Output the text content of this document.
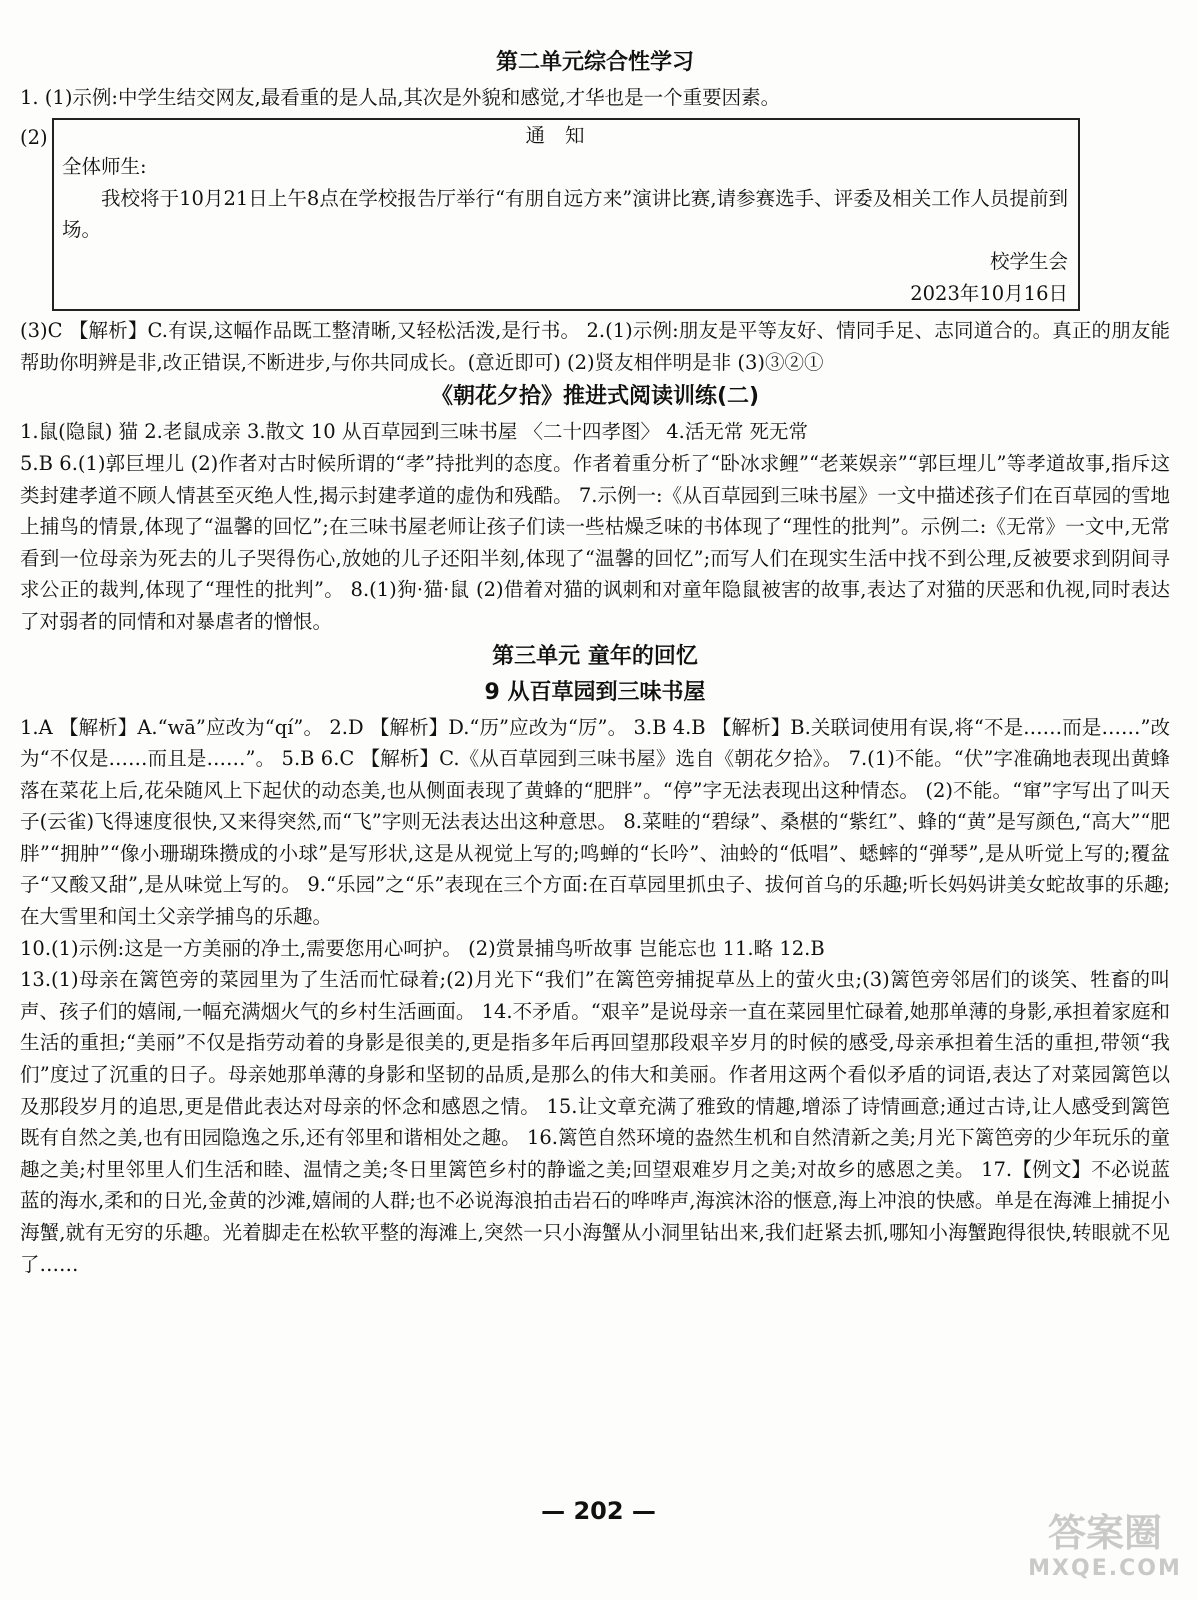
第二单元综合性学习

1. (1)示例:中学生结交网友,最看重的是人品,其次是外貌和感觉,才华也是一个重要因素。

(2)	通知
全体师生:

我校将于10月21日上午8点在学校报告厅举行“有朋自远方来”演讲比赛,请参赛选手、评委及相关工作人员提前到场。

校学生会
2023年10月16日

(3)C 【解析】C.有误,这幅作品既工整清晰,又轻松活泼,是行书。 2.(1)示例:朋友是平等友好、情同手足、志同道合的。真正的朋友能帮助你明辨是非,改正错误,不断进步,与你共同成长。(意近即可) (2)贤友相伴明是非 (3)③②①

《朝花夕拾》推进式阅读训练(二)

1.鼠(隐鼠) 猫 2.老鼠成亲 3.散文 10 从百草园到三味书屋 〈二十四孝图〉 4.活无常 死无常

5.B 6.(1)郭巨埋儿 (2)作者对古时候所谓的“孝”持批判的态度。作者着重分析了“卧冰求鲤”“老莱娱亲”“郭巨埋儿”等孝道故事,指斥这类封建孝道不顾人情甚至灭绝人性,揭示封建孝道的虚伪和残酷。 7.示例一:《从百草园到三味书屋》一文中描述孩子们在百草园的雪地上捕鸟的情景,体现了“温馨的回忆”;在三味书屋老师让孩子们读一些枯燥乏味的书体现了“理性的批判”。示例二:《无常》一文中,无常看到一位母亲为死去的儿子哭得伤心,放她的儿子还阳半刻,体现了“温馨的回忆”;而写人们在现实生活中找不到公理,反被要求到阴间寻求公正的裁判,体现了“理性的批判”。 8.(1)狗·猫·鼠 (2)借着对猫的讽刺和对童年隐鼠被害的故事,表达了对猫的厌恶和仇视,同时表达了对弱者的同情和对暴虐者的憎恨。

第三单元 童年的回忆
9 从百草园到三味书屋

1.A 【解析】A.“wā”应改为“qí”。 2.D 【解析】D.“历”应改为“厉”。 3.B 4.B 【解析】B.关联词使用有误,将“不是……而是……”改为“不仅是……而且是……”。 5.B 6.C 【解析】C.《从百草园到三味书屋》选自《朝花夕拾》。 7.(1)不能。“伏”字准确地表现出黄蜂落在菜花上后,花朵随风上下起伏的动态美,也从侧面表现了黄蜂的“肥胖”。“停”字无法表现出这种情态。 (2)不能。“窜”字写出了叫天子(云雀)飞得速度很快,又来得突然,而“飞”字则无法表达出这种意思。 8.菜畦的“碧绿”、桑椹的“紫红”、蜂的“黄”是写颜色,“高大”“肥胖”“拥肿”“像小珊瑚珠攒成的小球”是写形状,这是从视觉上写的;鸣蝉的“长吟”、油蛉的“低唱”、蟋蟀的“弹琴”,是从听觉上写的;覆盆子“又酸又甜”,是从味觉上写的。 9.“乐园”之“乐”表现在三个方面:在百草园里抓虫子、拔何首乌的乐趣;听长妈妈讲美女蛇故事的乐趣;在大雪里和闰土父亲学捕鸟的乐趣。

10.(1)示例:这是一方美丽的净土,需要您用心呵护。 (2)赏景捕鸟听故事 岂能忘也 11.略 12.B

13.(1)母亲在篱笆旁的菜园里为了生活而忙碌着;(2)月光下“我们”在篱笆旁捕捉草丛上的萤火虫;(3)篱笆旁邻居们的谈笑、牲畜的叫声、孩子们的嬉闹,一幅充满烟火气的乡村生活画面。 14.不矛盾。“艰辛”是说母亲一直在菜园里忙碌着,她那单薄的身影,承担着家庭和生活的重担;“美丽”不仅是指劳动着的身影是很美的,更是指多年后再回望那段艰辛岁月的时候的感受,母亲承担着生活的重担,带领“我们”度过了沉重的日子。母亲她那单薄的身影和坚韧的品质,是那么的伟大和美丽。作者用这两个看似矛盾的词语,表达了对菜园篱笆以及那段岁月的追思,更是借此表达对母亲的怀念和感恩之情。 15.让文章充满了雅致的情趣,增添了诗情画意;通过古诗,让人感受到篱笆既有自然之美,也有田园隐逸之乐,还有邻里和谐相处之趣。 16.篱笆自然环境的盎然生机和自然清新之美;月光下篱笆旁的少年玩乐的童趣之美;村里邻里人们生活和睦、温情之美;冬日里篱笆乡村的静谧之美;回望艰难岁月之美;对故乡的感恩之美。 17.【例文】不必说蓝蓝的海水,柔和的日光,金黄的沙滩,嬉闹的人群;也不必说海浪拍击岩石的哗哗声,海滨沐浴的惬意,海上冲浪的快感。单是在海滩上捕捉小海蟹,就有无穷的乐趣。光着脚走在松软平整的海滩上,突然一只小海蟹从小洞里钻出来,我们赶紧去抓,哪知小海蟹跑得很快,转眼就不见了……

— 202 —	答案圈
MXQE.COM
